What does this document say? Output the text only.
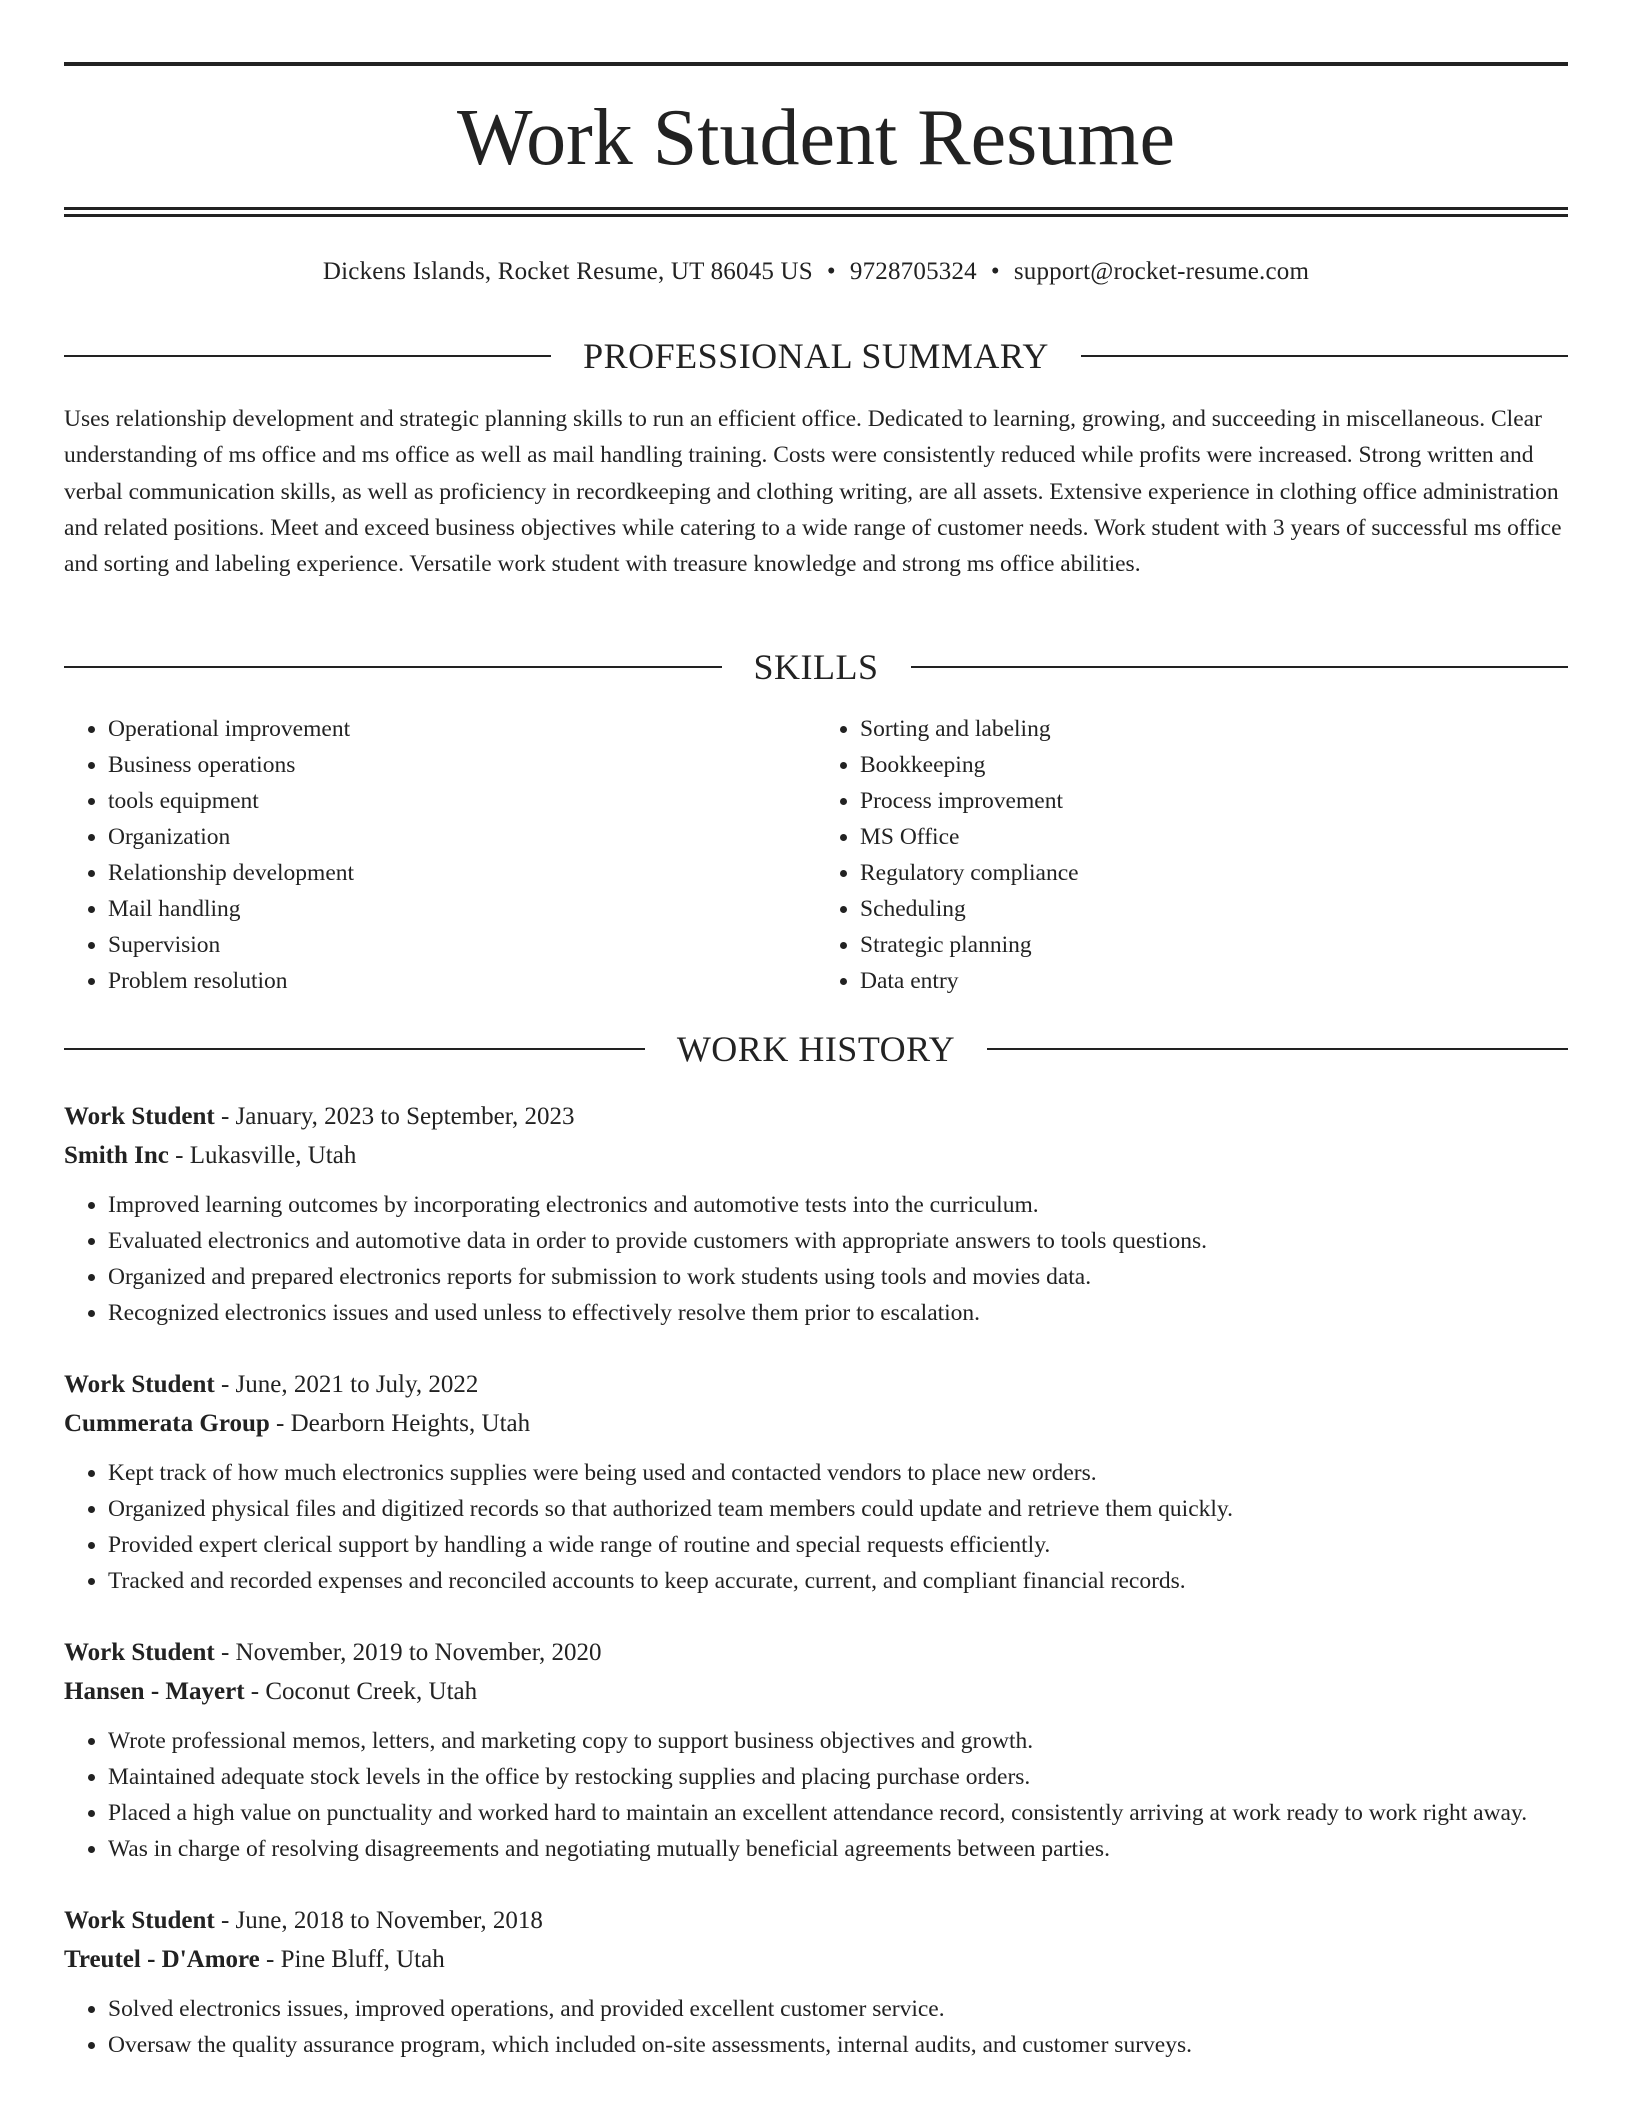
Work Student Resume
Dickens Islands, Rocket Resume, UT 86045 US • 9728705324 • support@rocket-resume.com
PROFESSIONAL SUMMARY

Uses relationship development and strategic planning skills to run an efficient office. Dedicated to learning, growing, and succeeding in miscellaneous. Clear understanding of ms office and ms office as well as mail handling training. Costs were consistently reduced while profits were increased. Strong written and verbal communication skills, as well as proficiency in recordkeeping and clothing writing, are all assets. Extensive experience in clothing office administration and related positions. Meet and exceed business objectives while catering to a wide range of customer needs. Work student with 3 years of successful ms office and sorting and labeling experience. Versatile work student with treasure knowledge and strong ms office abilities.

SKILLS
• Operational improvement
• Business operations
• tools equipment
• Organization
• Relationship development
• Mail handling
• Supervision
• Problem resolution
• Sorting and labeling
• Bookkeeping
• Process improvement
• MS Office
• Regulatory compliance
• Scheduling
• Strategic planning
• Data entry
WORK HISTORY
Work Student - January, 2023 to September, 2023
Smith Inc - Lukasville, Utah
• Improved learning outcomes by incorporating electronics and automotive tests into the curriculum.
• Evaluated electronics and automotive data in order to provide customers with appropriate answers to tools questions.
• Organized and prepared electronics reports for submission to work students using tools and movies data.
• Recognized electronics issues and used unless to effectively resolve them prior to escalation.
Work Student - June, 2021 to July, 2022
Cummerata Group - Dearborn Heights, Utah
• Kept track of how much electronics supplies were being used and contacted vendors to place new orders.
• Organized physical files and digitized records so that authorized team members could update and retrieve them quickly.
• Provided expert clerical support by handling a wide range of routine and special requests efficiently.
• Tracked and recorded expenses and reconciled accounts to keep accurate, current, and compliant financial records.
Work Student - November, 2019 to November, 2020
Hansen - Mayert - Coconut Creek, Utah
• Wrote professional memos, letters, and marketing copy to support business objectives and growth.
• Maintained adequate stock levels in the office by restocking supplies and placing purchase orders.
• Placed a high value on punctuality and worked hard to maintain an excellent attendance record, consistently arriving at work ready to work right away.
• Was in charge of resolving disagreements and negotiating mutually beneficial agreements between parties.
Work Student - June, 2018 to November, 2018
Treutel - D'Amore - Pine Bluff, Utah
• Solved electronics issues, improved operations, and provided excellent customer service.
• Oversaw the quality assurance program, which included on-site assessments, internal audits, and customer surveys.
